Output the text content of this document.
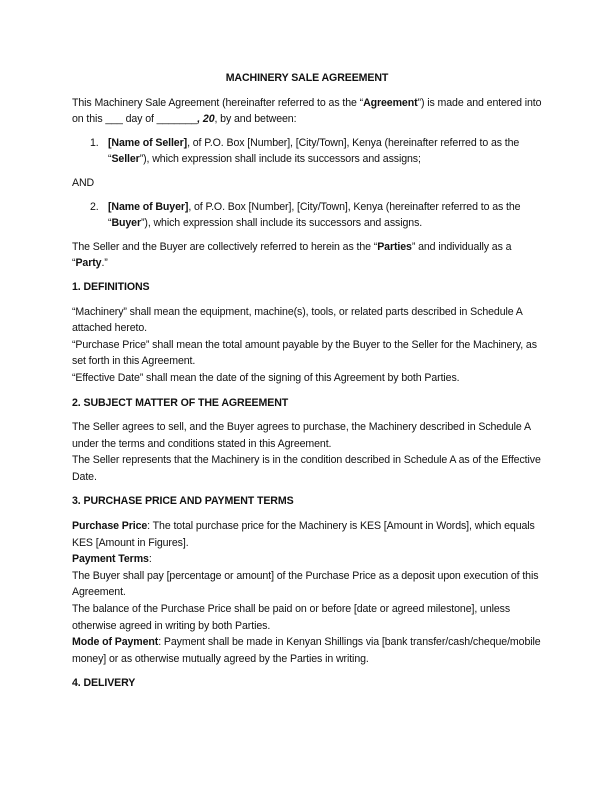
MACHINERY SALE AGREEMENT

This Machinery Sale Agreement (hereinafter referred to as the “Agreement”) is made and entered into on this ___ day of _______, 20, by and between:

1. [Name of Seller], of P.O. Box [Number], [City/Town], Kenya (hereinafter referred to as the “Seller”), which expression shall include its successors and assigns;

AND

2. [Name of Buyer], of P.O. Box [Number], [City/Town], Kenya (hereinafter referred to as the “Buyer”), which expression shall include its successors and assigns.

The Seller and the Buyer are collectively referred to herein as the “Parties” and individually as a “Party.”

1. DEFINITIONS
“Machinery” shall mean the equipment, machine(s), tools, or related parts described in Schedule A attached hereto.
“Purchase Price” shall mean the total amount payable by the Buyer to the Seller for the Machinery, as set forth in this Agreement.
“Effective Date” shall mean the date of the signing of this Agreement by both Parties.
2. SUBJECT MATTER OF THE AGREEMENT
The Seller agrees to sell, and the Buyer agrees to purchase, the Machinery described in Schedule A under the terms and conditions stated in this Agreement.
The Seller represents that the Machinery is in the condition described in Schedule A as of the Effective Date.
3. PURCHASE PRICE AND PAYMENT TERMS
Purchase Price: The total purchase price for the Machinery is KES [Amount in Words], which equals KES [Amount in Figures].
Payment Terms:
The Buyer shall pay [percentage or amount] of the Purchase Price as a deposit upon execution of this Agreement.
The balance of the Purchase Price shall be paid on or before [date or agreed milestone], unless otherwise agreed in writing by both Parties.
Mode of Payment: Payment shall be made in Kenyan Shillings via [bank transfer/cash/cheque/mobile money] or as otherwise mutually agreed by the Parties in writing.
4. DELIVERY
